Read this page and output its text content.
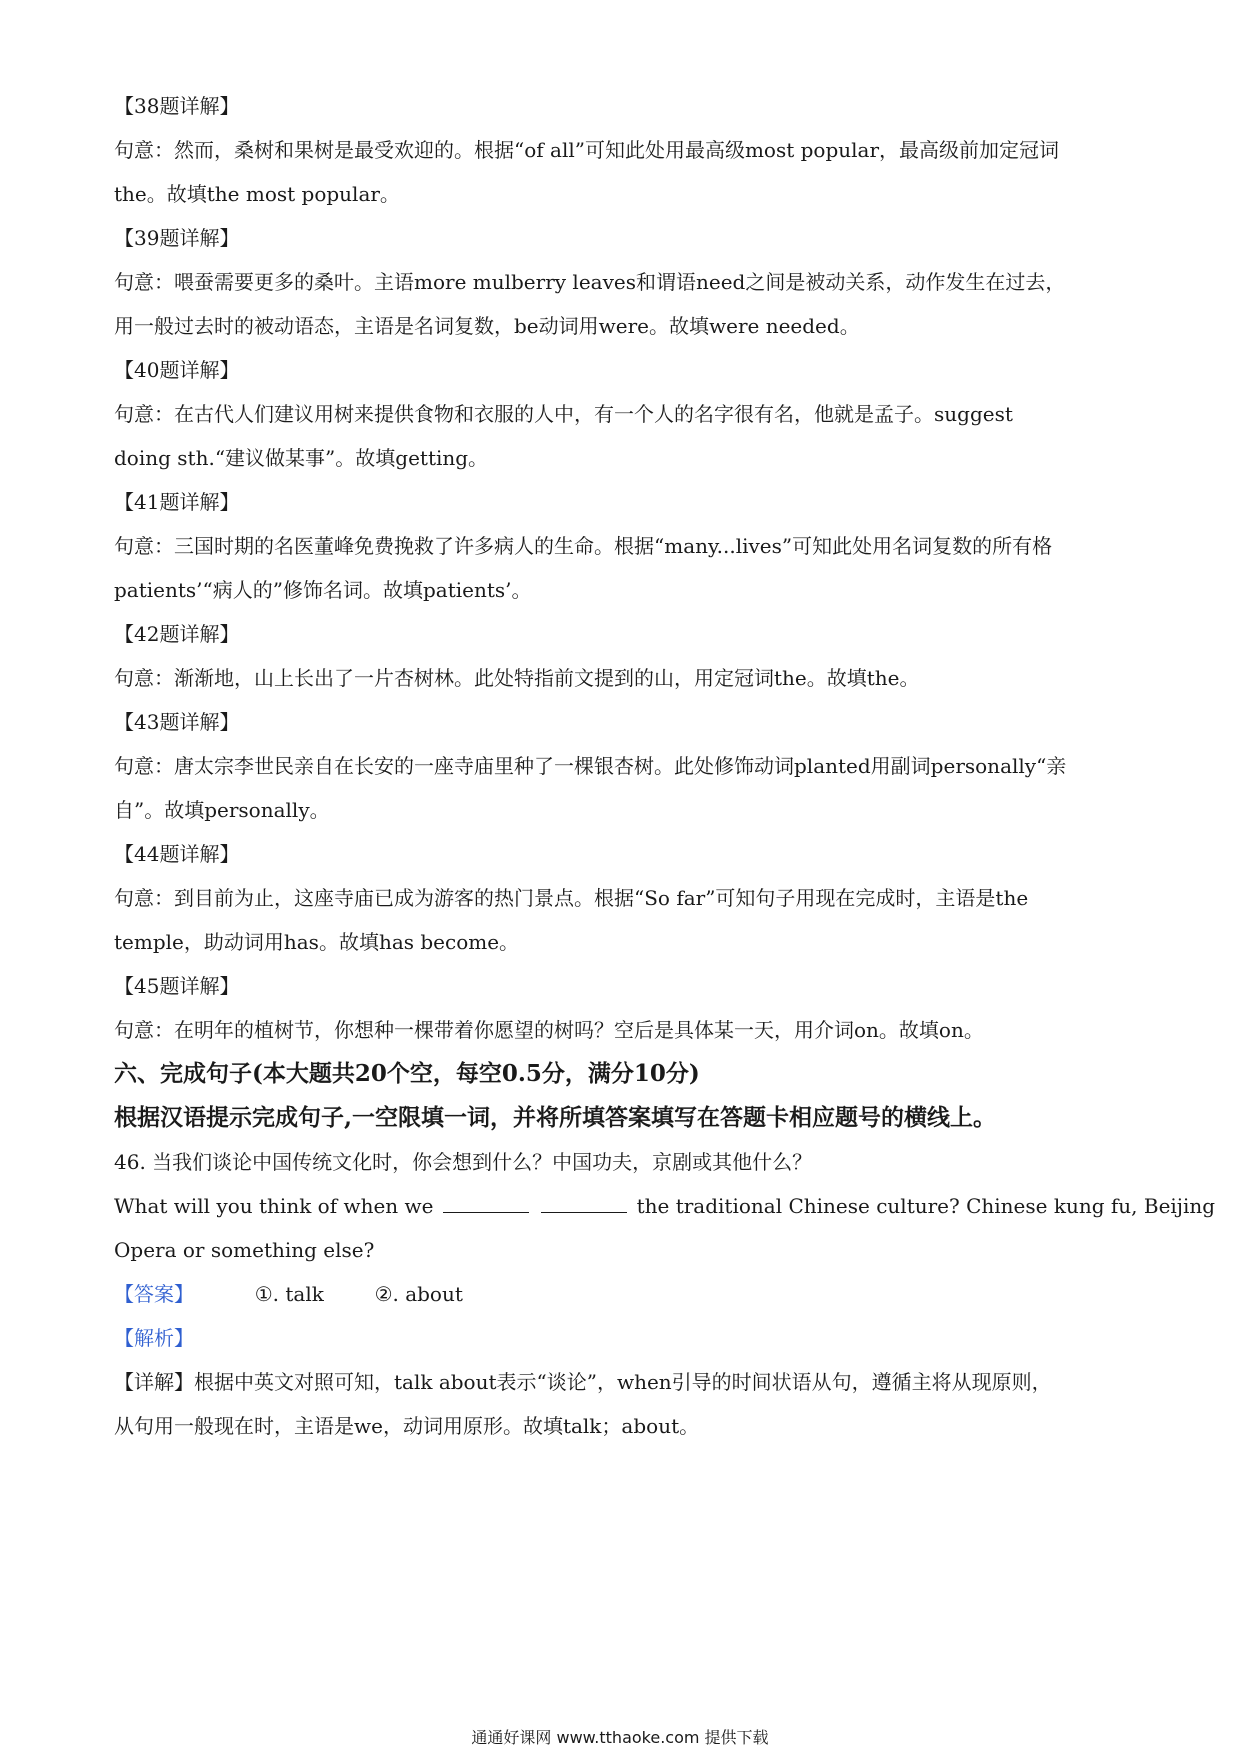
【38题详解】
句意：然而，桑树和果树是最受欢迎的。根据“of all”可知此处用最高级most popular，最高级前加定冠词
the。故填the most popular。
【39题详解】
句意：喂蚕需要更多的桑叶。主语more mulberry leaves和谓语need之间是被动关系，动作发生在过去，
用一般过去时的被动语态，主语是名词复数，be动词用were。故填were needed。
【40题详解】
句意：在古代人们建议用树来提供食物和衣服的人中，有一个人的名字很有名，他就是孟子。suggest
doing sth.“建议做某事”。故填getting。
【41题详解】
句意：三国时期的名医董峰免费挽救了许多病人的生命。根据“many...lives”可知此处用名词复数的所有格
patients’“病人的”修饰名词。故填patients’。
【42题详解】
句意：渐渐地，山上长出了一片杏树林。此处特指前文提到的山，用定冠词the。故填the。
【43题详解】
句意：唐太宗李世民亲自在长安的一座寺庙里种了一棵银杏树。此处修饰动词planted用副词personally“亲
自”。故填personally。
【44题详解】
句意：到目前为止，这座寺庙已成为游客的热门景点。根据“So far”可知句子用现在完成时，主语是the
temple，助动词用has。故填has become。
【45题详解】
句意：在明年的植树节，你想种一棵带着你愿望的树吗？空后是具体某一天，用介词on。故填on。
六、完成句子(本大题共20个空，每空0.5分，满分10分)
根据汉语提示完成句子,一空限填一词，并将所填答案填写在答题卡相应题号的横线上。
46. 当我们谈论中国传统文化时，你会想到什么？中国功夫，京剧或其他什么？
What will you think of when we	the traditional Chinese culture? Chinese kung fu, Beijing
Opera or something else?
【答案】	①. talk	②. about
【解析】
【详解】根据中英文对照可知，talk about表示“谈论”，when引导的时间状语从句，遵循主将从现原则，
从句用一般现在时，主语是we，动词用原形。故填talk；about。
通通好课网 www.tthaoke.com 提供下载
